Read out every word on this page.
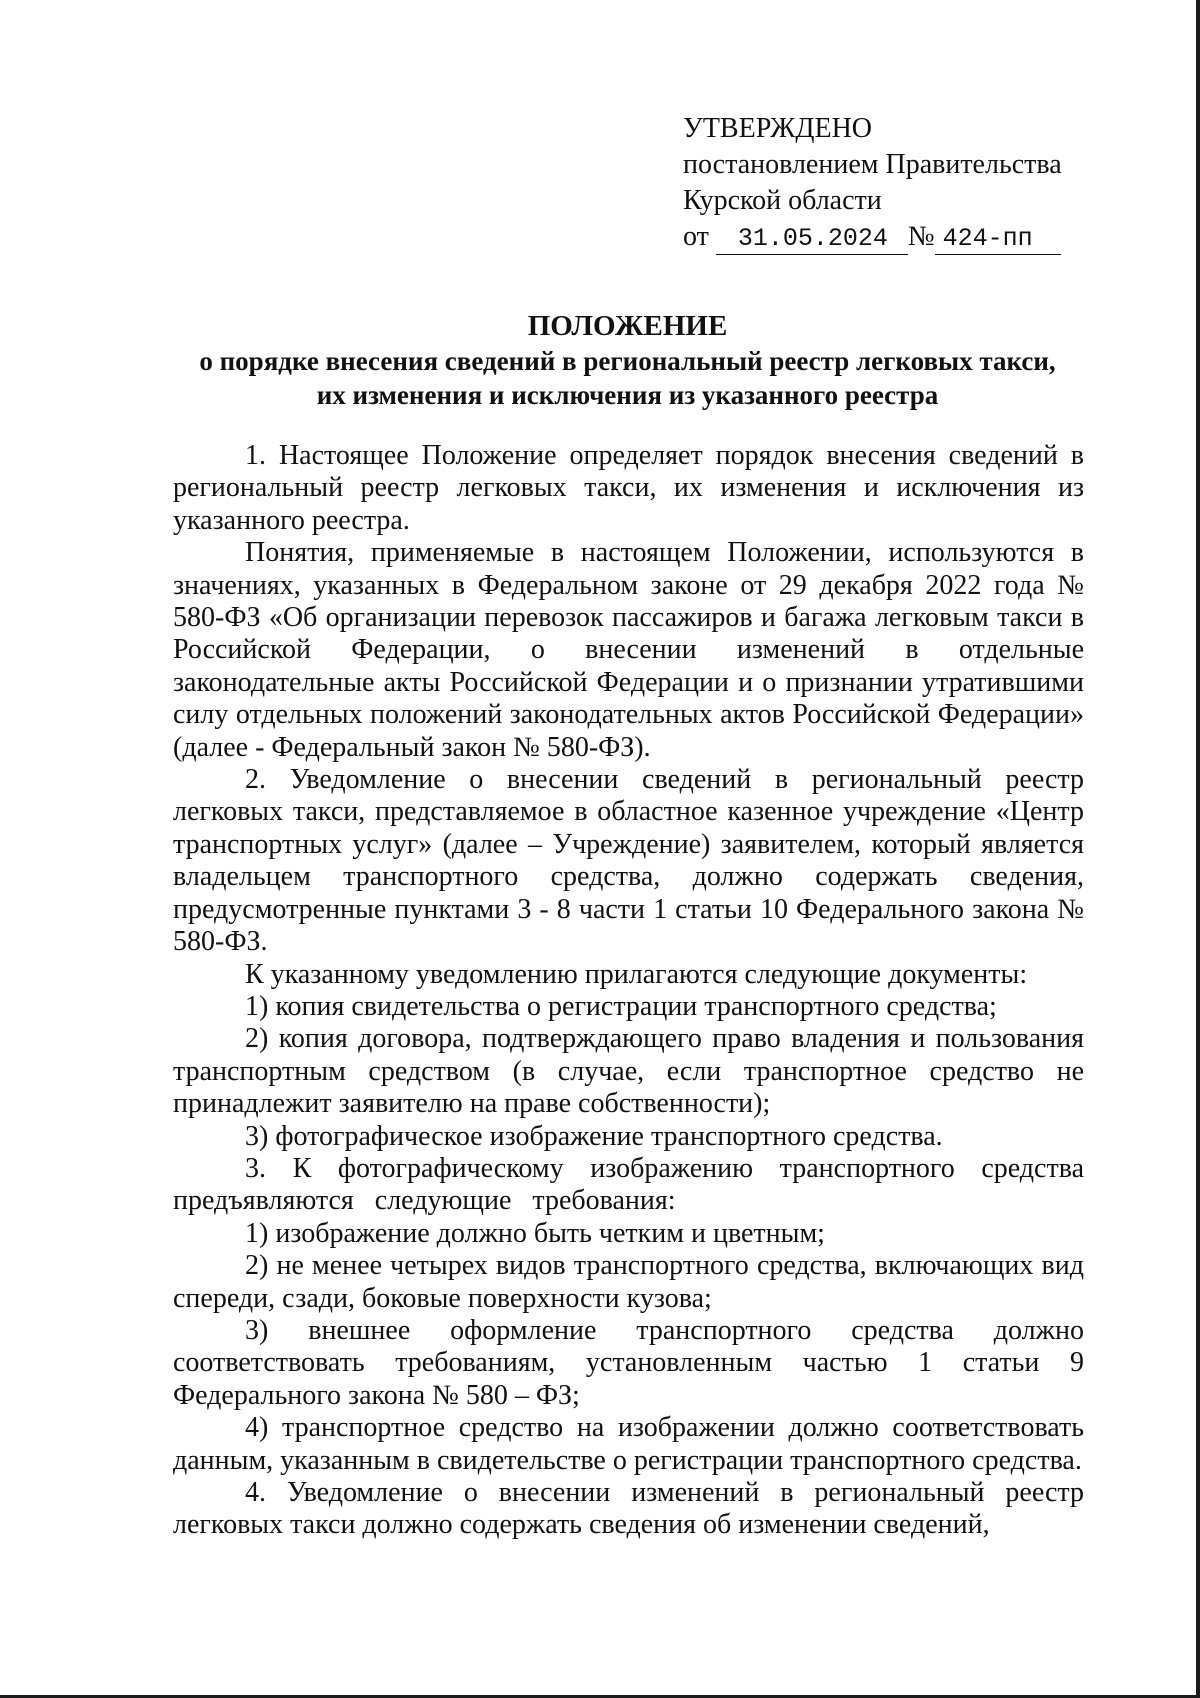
УТВЕРЖДЕНО
постановлением Правительства
Курской области
от 31.05.2024 № 424-пп
ПОЛОЖЕНИЕ
о порядке внесения сведений в региональный реестр легковых такси,
их изменения и исключения из указанного реестра

1. Настоящее Положение определяет порядок внесения сведений в региональный реестр легковых такси, их изменения и исключения из указанного реестра.

Понятия, применяемые в настоящем Положении, используются в значениях, указанных в Федеральном законе от 29 декабря 2022 года № 580-ФЗ «Об организации перевозок пассажиров и багажа легковым такси в Российской Федерации, о внесении изменений в отдельные законодательные акты Российской Федерации и о признании утратившими силу отдельных положений законодательных актов Российской Федерации» (далее - Федеральный закон № 580-ФЗ).

2. Уведомление о внесении сведений в региональный реестр легковых такси, представляемое в областное казенное учреждение «Центр транспортных услуг» (далее – Учреждение) заявителем, который является владельцем транспортного средства, должно содержать сведения, предусмотренные пунктами 3 - 8 части 1 статьи 10 Федерального закона № 580-ФЗ.

К указанному уведомлению прилагаются следующие документы:

1) копия свидетельства о регистрации транспортного средства;

2) копия договора, подтверждающего право владения и пользования транспортным средством (в случае, если транспортное средство не принадлежит заявителю на праве собственности);

3) фотографическое изображение транспортного средства.

3. К фотографическому изображению транспортного средства предъявляются следующие требования:

1) изображение должно быть четким и цветным;

2) не менее четырех видов транспортного средства, включающих вид спереди, сзади, боковые поверхности кузова;

3) внешнее оформление транспортного средства должно соответствовать требованиям, установленным частью 1 статьи 9 Федерального закона № 580 – ФЗ;

4) транспортное средство на изображении должно соответствовать данным, указанным в свидетельстве о регистрации транспортного средства.

4. Уведомление о внесении изменений в региональный реестр легковых такси должно содержать сведения об изменении сведений,
